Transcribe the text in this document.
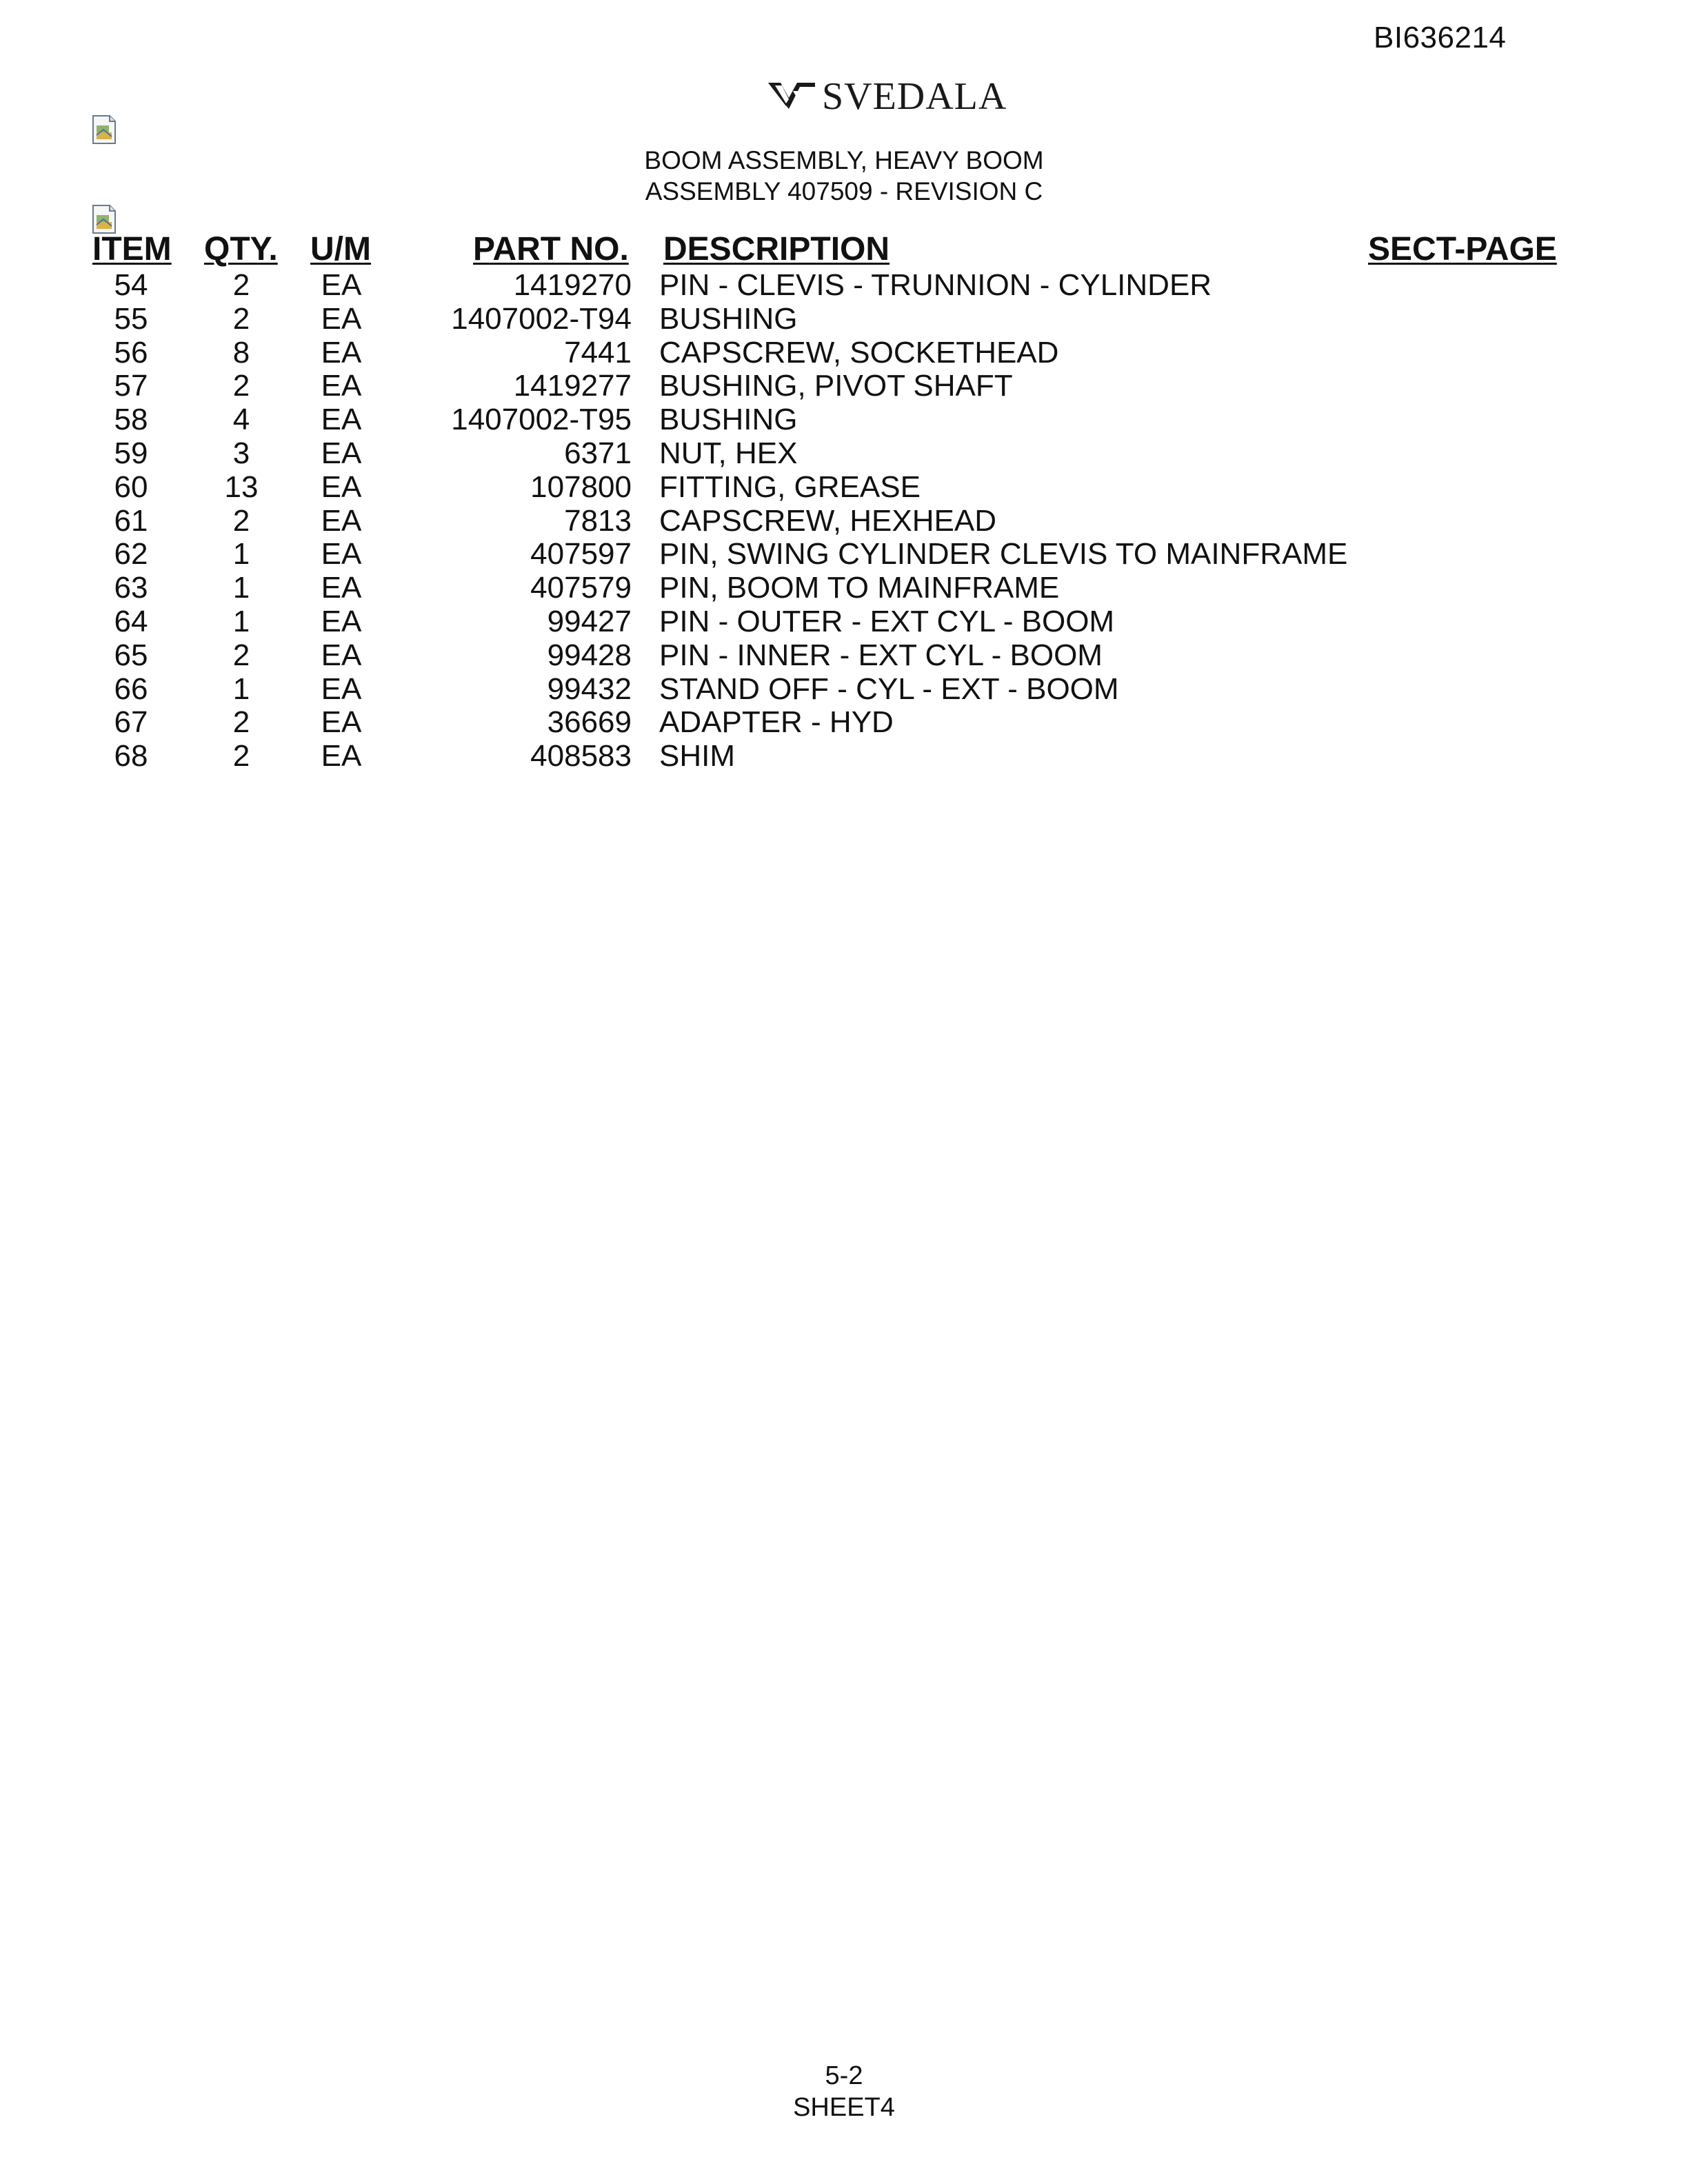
BI636214
SVEDALA
BOOM ASSEMBLY, HEAVY BOOM
ASSEMBLY 407509 - REVISION C
ITEM QTY. U/M	PART NO. DESCRIPTION	SECT-PAGE
54	2	EA	1419270 PIN - CLEVIS - TRUNNION - CYLINDER
55	2	EA	1407002-T94 BUSHING
56	8	EA	7441 CAPSCREW, SOCKETHEAD
57	2	EA	1419277 BUSHING, PIVOT SHAFT
58	4	EA	1407002-T95 BUSHING
59	3	EA	6371 NUT, HEX
60	13	EA	107800 FITTING, GREASE
61	2	EA	7813 CAPSCREW, HEXHEAD
62	1	EA	407597 PIN, SWING CYLINDER CLEVIS TO MAINFRAME
63	1	EA	407579 PIN, BOOM TO MAINFRAME
64	1	EA	99427 PIN - OUTER - EXT CYL - BOOM
65	2	EA	99428 PIN - INNER - EXT CYL - BOOM
66	1	EA	99432 STAND OFF - CYL - EXT - BOOM
67	2	EA	36669 ADAPTER - HYD
68	2	EA	408583 SHIM
5-2
SHEET4
